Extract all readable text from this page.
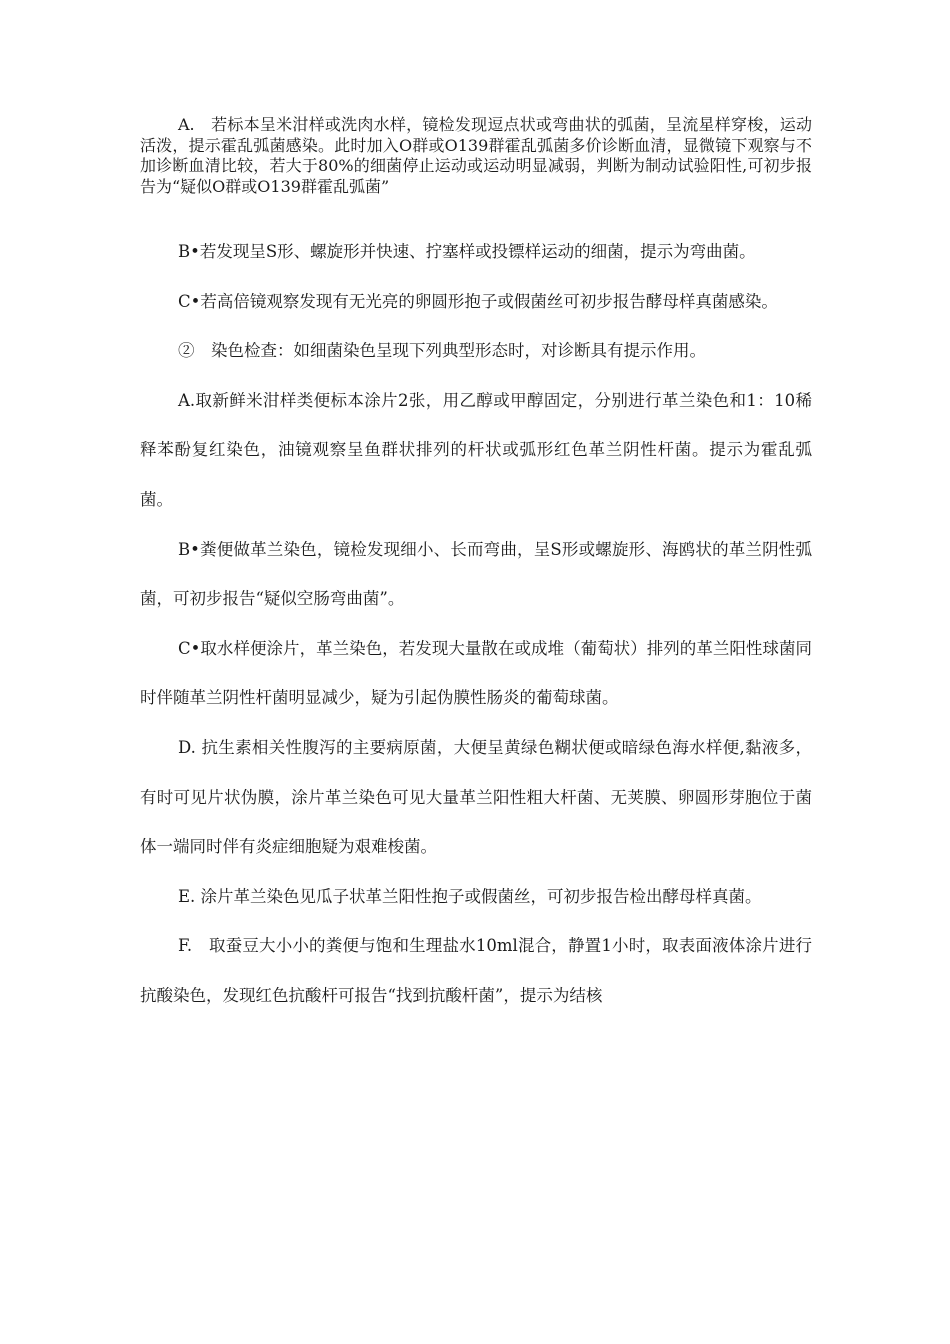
A.　若标本呈米泔样或洗肉水样，镜检发现逗点状或弯曲状的弧菌，呈流星样穿梭，运动活泼，提示霍乱弧菌感染。此时加入O群或O139群霍乱弧菌多价诊断血清，显微镜下观察与不加诊断血清比较，若大于80%的细菌停止运动或运动明显减弱，判断为制动试验阳性,可初步报告为“疑似O群或O139群霍乱弧菌”

B•若发现呈S形、螺旋形并快速、拧塞样或投镖样运动的细菌，提示为弯曲菌。

C•若高倍镜观察发现有无光亮的卵圆形抱子或假菌丝可初步报告酵母样真菌感染。

②　染色检查：如细菌染色呈现下列典型形态时，对诊断具有提示作用。

A.取新鲜米泔样类便标本涂片2张，用乙醇或甲醇固定，分别进行革兰染色和1：10稀释苯酚复红染色，油镜观察呈鱼群状排列的杆状或弧形红色革兰阴性杆菌。提示为霍乱弧菌。

B•粪便做革兰染色，镜检发现细小、长而弯曲，呈S形或螺旋形、海鸥状的革兰阴性弧菌，可初步报告“疑似空肠弯曲菌”。

C•取水样便涂片，革兰染色，若发现大量散在或成堆（葡萄状）排列的革兰阳性球菌同时伴随革兰阴性杆菌明显减少，疑为引起伪膜性肠炎的葡萄球菌。

D. 抗生素相关性腹泻的主要病原菌，大便呈黄绿色糊状便或暗绿色海水样便,黏液多，有时可见片状伪膜，涂片革兰染色可见大量革兰阳性粗大杆菌、无荚膜、卵圆形芽胞位于菌体一端同时伴有炎症细胞疑为艰难梭菌。

E. 涂片革兰染色见瓜子状革兰阳性抱子或假菌丝，可初步报告检出酵母样真菌。

F.　取蚕豆大小小的粪便与饱和生理盐水10ml混合，静置1小时，取表面液体涂片进行抗酸染色，发现红色抗酸杆可报告“找到抗酸杆菌”，提示为结核
